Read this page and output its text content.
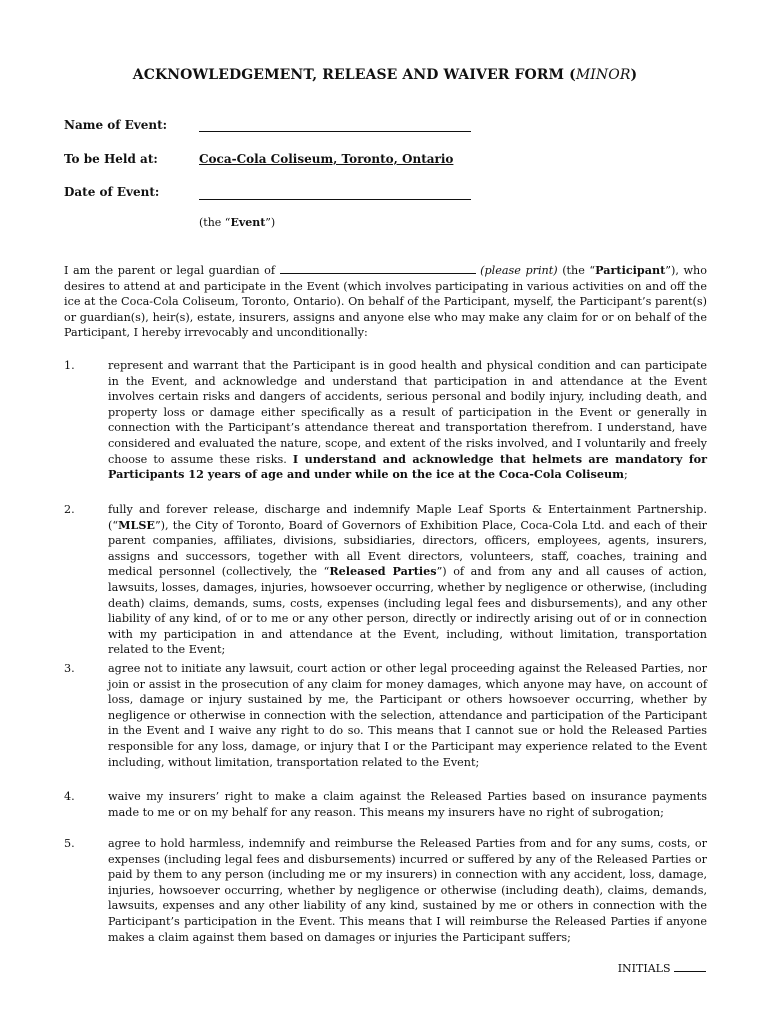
ACKNOWLEDGEMENT, RELEASE AND WAIVER FORM (MINOR)
Name of Event:
To be Held at:	Coca-Cola Coliseum, Toronto, Ontario
Date of Event:
(the “Event”)
I am the parent or legal guardian of	(please print) (the “Participant”), who desires to attend at and participate in the Event (which involves participating in various activities on and off the ice at the Coca-Cola Coliseum, Toronto, Ontario). On behalf of the Participant, myself, the Participant’s parent(s) or guardian(s), heir(s), estate, insurers, assigns and anyone else who may make any claim for or on behalf of the Participant, I hereby irrevocably and unconditionally:
1.	represent and warrant that the Participant is in good health and physical condition and can participate in the Event, and acknowledge and understand that participation in and attendance at the Event involves certain risks and dangers of accidents, serious personal and bodily injury, including death, and property loss or damage either specifically as a result of participation in the Event or generally in connection with the Participant’s attendance thereat and transportation therefrom. I understand, have considered and evaluated the nature, scope, and extent of the risks involved, and I voluntarily and freely choose to assume these risks. I understand and acknowledge that helmets are mandatory for Participants 12 years of age and under while on the ice at the Coca-Cola Coliseum;
2.	fully and forever release, discharge and indemnify Maple Leaf Sports & Entertainment Partnership. (“MLSE”), the City of Toronto, Board of Governors of Exhibition Place, Coca-Cola Ltd. and each of their parent companies, affiliates, divisions, subsidiaries, directors, officers, employees, agents, insurers, assigns and successors, together with all Event directors, volunteers, staff, coaches, training and medical personnel (collectively, the “Released Parties”) of and from any and all causes of action, lawsuits, losses, damages, injuries, howsoever occurring, whether by negligence or otherwise, (including death) claims, demands, sums, costs, expenses (including legal fees and disbursements), and any other liability of any kind, of or to me or any other person, directly or indirectly arising out of or in connection with my participation in and attendance at the Event, including, without limitation, transportation related to the Event;
3.	agree not to initiate any lawsuit, court action or other legal proceeding against the Released Parties, nor join or assist in the prosecution of any claim for money damages, which anyone may have, on account of loss, damage or injury sustained by me, the Participant or others howsoever occurring, whether by negligence or otherwise in connection with the selection, attendance and participation of the Participant in the Event and I waive any right to do so. This means that I cannot sue or hold the Released Parties responsible for any loss, damage, or injury that I or the Participant may experience related to the Event including, without limitation, transportation related to the Event;
4.	waive my insurers’ right to make a claim against the Released Parties based on insurance payments made to me or on my behalf for any reason. This means my insurers have no right of subrogation;
5.	agree to hold harmless, indemnify and reimburse the Released Parties from and for any sums, costs, or expenses (including legal fees and disbursements) incurred or suffered by any of the Released Parties or paid by them to any person (including me or my insurers) in connection with any accident, loss, damage, injuries, howsoever occurring, whether by negligence or otherwise (including death), claims, demands, lawsuits, expenses and any other liability of any kind, sustained by me or others in connection with the Participant’s participation in the Event. This means that I will reimburse the Released Parties if anyone makes a claim against them based on damages or injuries the Participant suffers;
INITIALS
